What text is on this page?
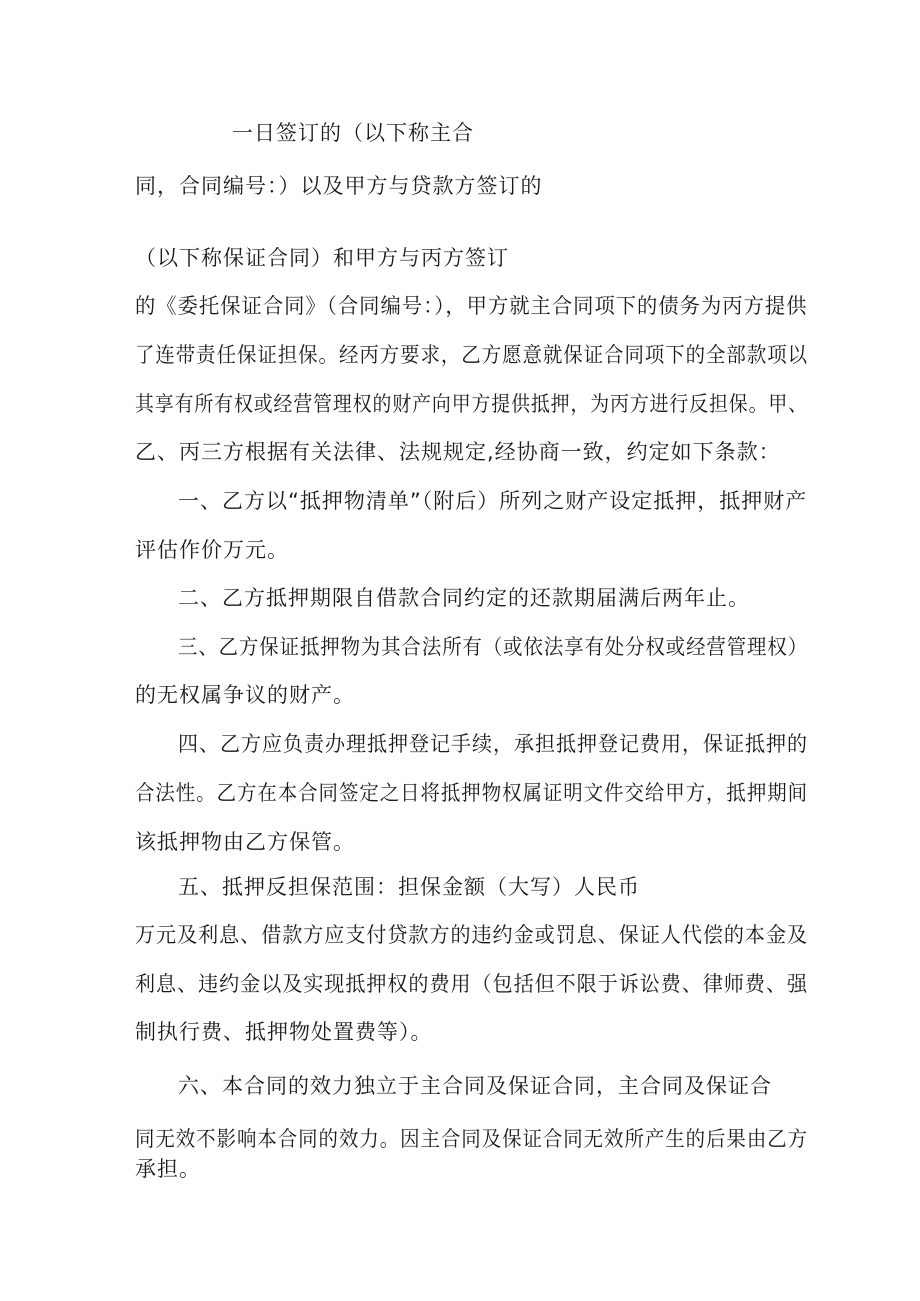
一日签订的（以下称主合
同，合同编号：）以及甲方与贷款方签订的
（以下称保证合同）和甲方与丙方签订
的《委托保证合同》（合同编号：），甲方就主合同项下的债务为丙方提供
了连带责任保证担保。经丙方要求，乙方愿意就保证合同项下的全部款项以
其享有所有权或经营管理权的财产向甲方提供抵押，为丙方进行反担保。甲、
乙、丙三方根据有关法律、法规规定,经协商一致，约定如下条款：
一、乙方以“抵押物清单”（附后）所列之财产设定抵押，抵押财产
评估作价万元。
二、乙方抵押期限自借款合同约定的还款期届满后两年止。
三、乙方保证抵押物为其合法所有（或依法享有处分权或经营管理权）
的无权属争议的财产。
四、乙方应负责办理抵押登记手续，承担抵押登记费用，保证抵押的
合法性。乙方在本合同签定之日将抵押物权属证明文件交给甲方，抵押期间
该抵押物由乙方保管。
五、抵押反担保范围：担保金额（大写）人民币
万元及利息、借款方应支付贷款方的违约金或罚息、保证人代偿的本金及
利息、违约金以及实现抵押权的费用（包括但不限于诉讼费、律师费、强
制执行费、抵押物处置费等）。
六、本合同的效力独立于主合同及保证合同，主合同及保证合
同无效不影响本合同的效力。因主合同及保证合同无效所产生的后果由乙方
承担。
